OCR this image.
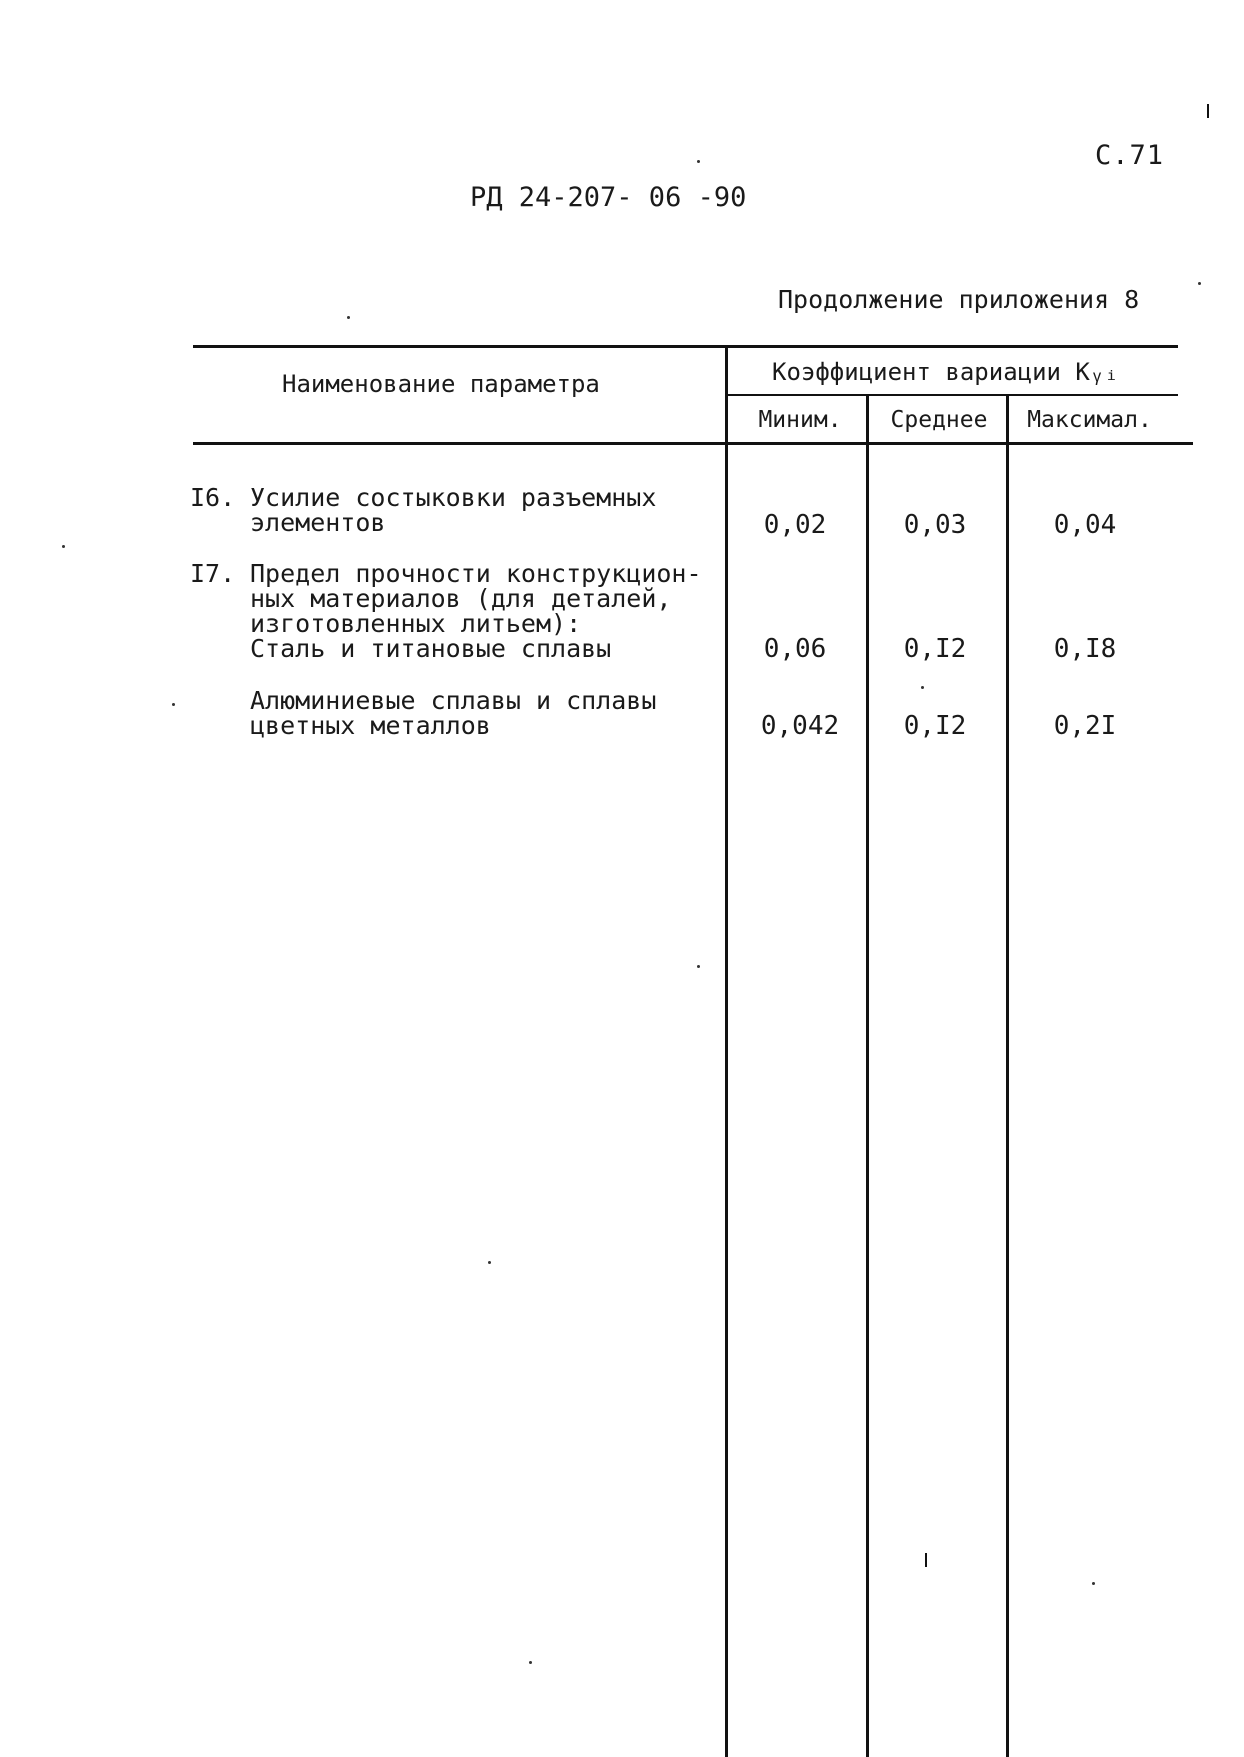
C.71
РД 24-207- 06 -90
Продолжение приложения 8
Наименование параметра	Коэффициент вариации Кᵧᵢ
Миним.	Среднее	Максимал.
I6. Усилие состыковки разъемных
элементов	0,02	0,03	0,04
I7. Предел прочности конструкцион-
ных материалов (для деталей,
изготовленных литьем):
Сталь и титановые сплавы	0,06	0,I2	0,I8
Алюминиевые сплавы и сплавы
цветных металлов	0,042	0,I2	0,2I
